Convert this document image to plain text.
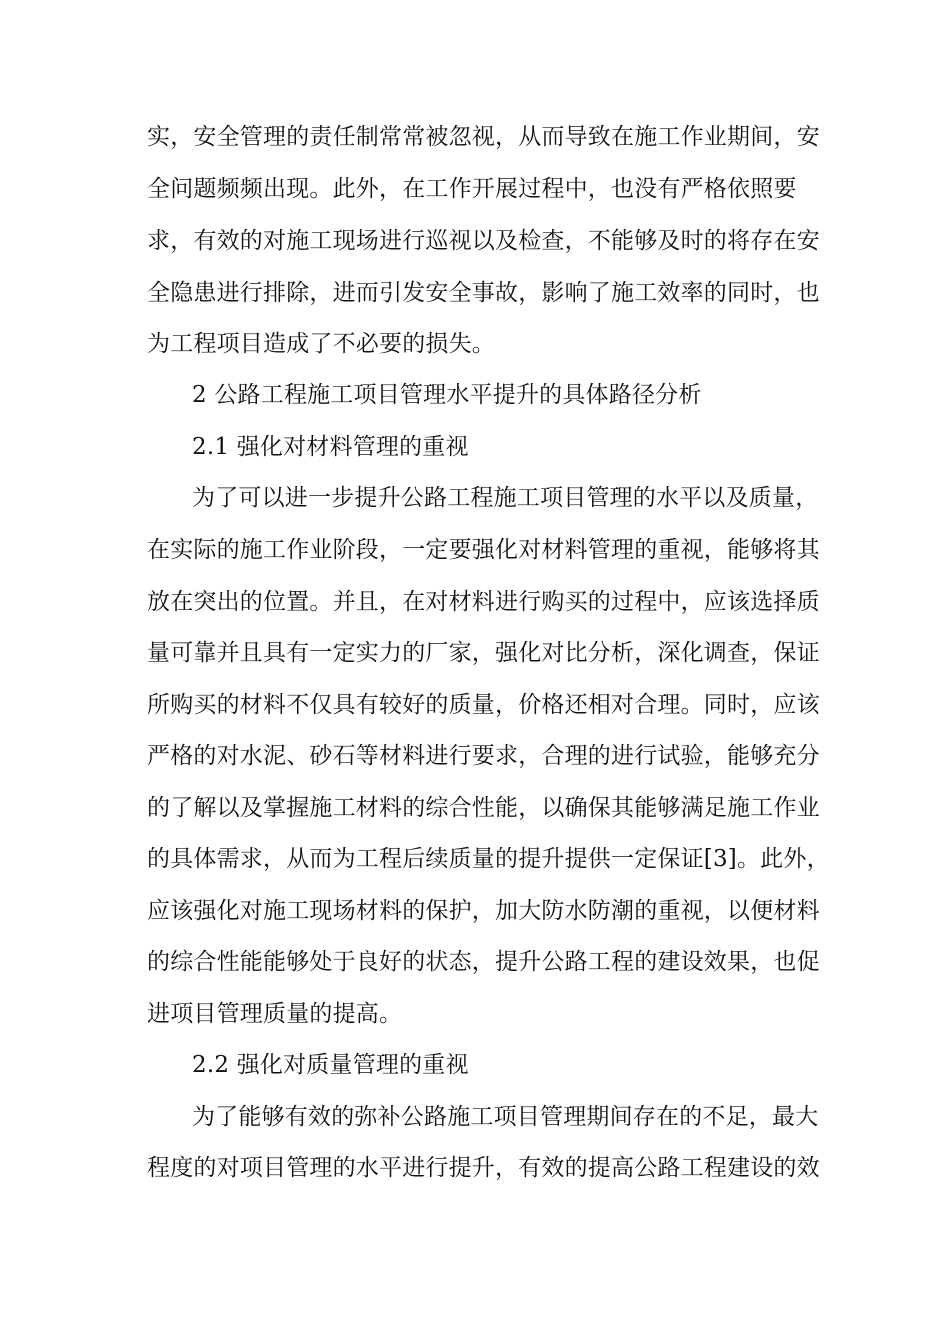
实，安全管理的责任制常常被忽视，从而导致在施工作业期间，安
全问题频频出现。此外，在工作开展过程中，也没有严格依照要
求，有效的对施工现场进行巡视以及检查，不能够及时的将存在安
全隐患进行排除，进而引发安全事故，影响了施工效率的同时，也
为工程项目造成了不必要的损失。
2 公路工程施工项目管理水平提升的具体路径分析
2.1 强化对材料管理的重视
为了可以进一步提升公路工程施工项目管理的水平以及质量，
在实际的施工作业阶段，一定要强化对材料管理的重视，能够将其
放在突出的位置。并且，在对材料进行购买的过程中，应该选择质
量可靠并且具有一定实力的厂家，强化对比分析，深化调查，保证
所购买的材料不仅具有较好的质量，价格还相对合理。同时，应该
严格的对水泥、砂石等材料进行要求，合理的进行试验，能够充分
的了解以及掌握施工材料的综合性能，以确保其能够满足施工作业
的具体需求，从而为工程后续质量的提升提供一定保证[3]。此外，
应该强化对施工现场材料的保护，加大防水防潮的重视，以便材料
的综合性能能够处于良好的状态，提升公路工程的建设效果，也促
进项目管理质量的提高。
2.2 强化对质量管理的重视
为了能够有效的弥补公路施工项目管理期间存在的不足，最大
程度的对项目管理的水平进行提升，有效的提高公路工程建设的效
